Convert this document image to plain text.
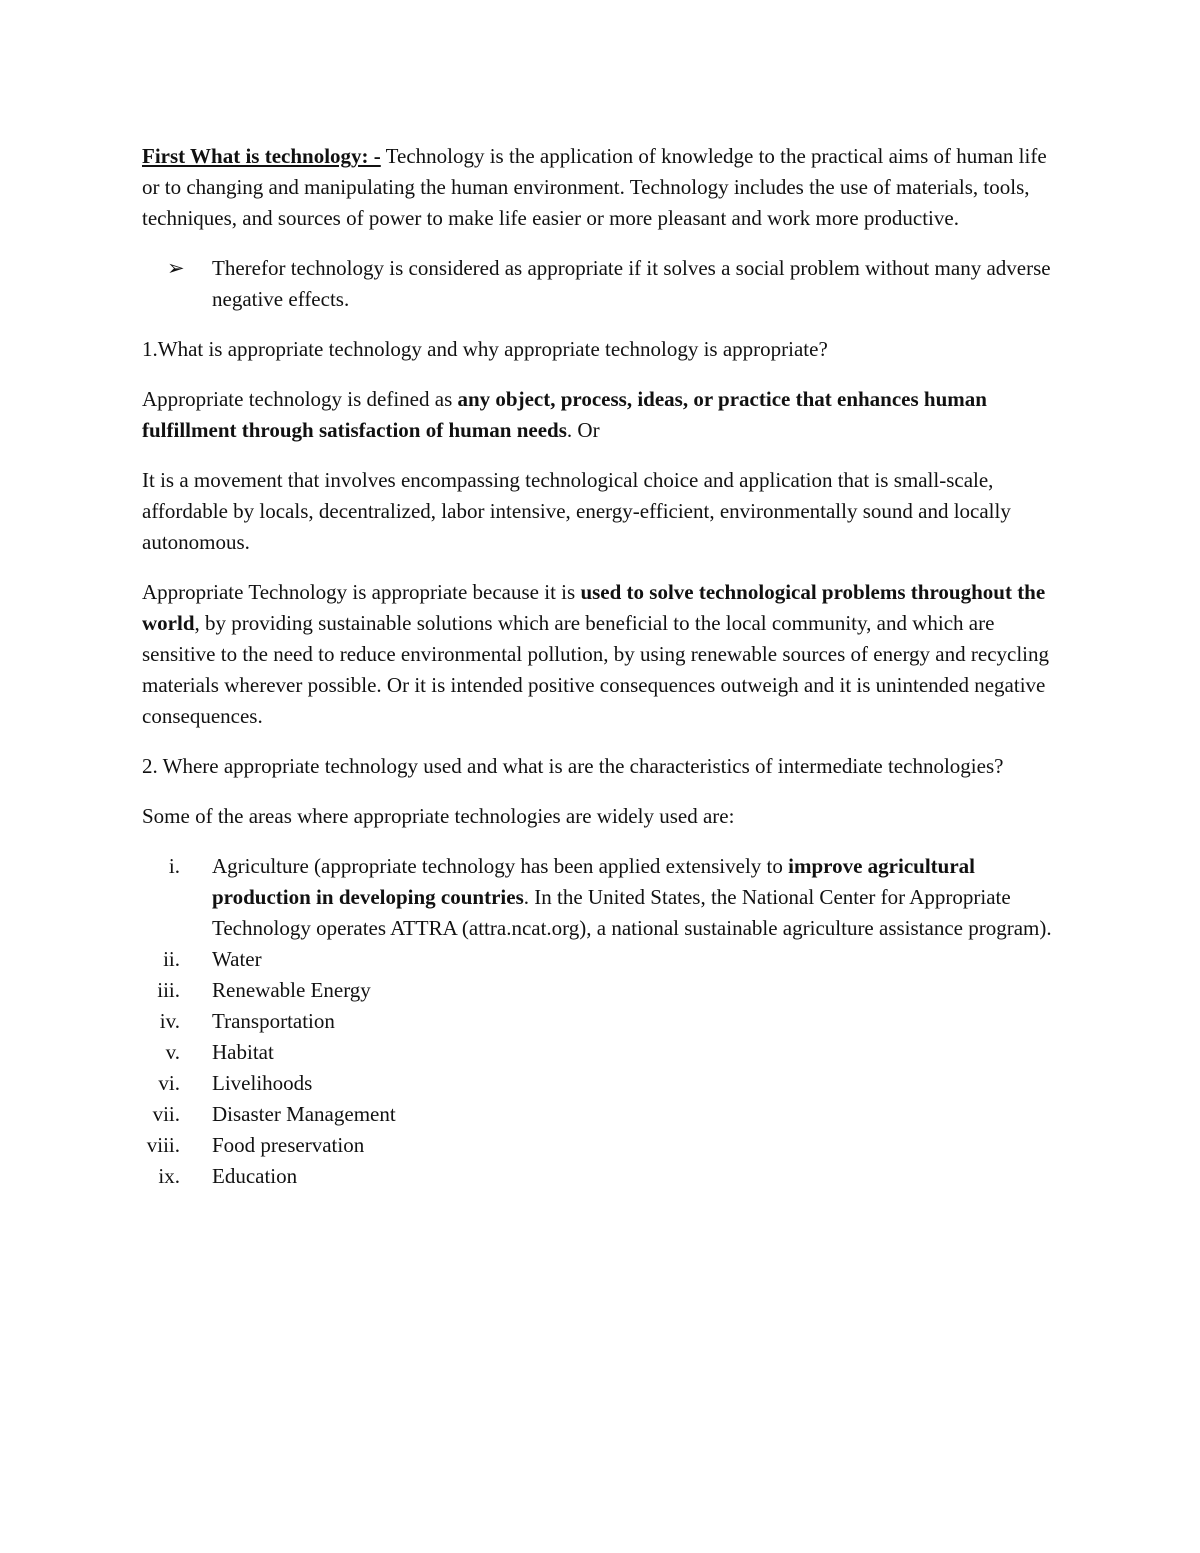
First What is technology: - Technology is the application of knowledge to the practical aims of human life or to changing and manipulating the human environment. Technology includes the use of materials, tools, techniques, and sources of power to make life easier or more pleasant and work more productive.

➢ Therefor technology is considered as appropriate if it solves a social problem without many adverse negative effects.

1.What is appropriate technology and why appropriate technology is appropriate?

Appropriate technology is defined as any object, process, ideas, or practice that enhances human fulfillment through satisfaction of human needs. Or

It is a movement that involves encompassing technological choice and application that is small-scale, affordable by locals, decentralized, labor intensive, energy-efficient, environmentally sound and locally autonomous.

Appropriate Technology is appropriate because it is used to solve technological problems throughout the world, by providing sustainable solutions which are beneficial to the local community, and which are sensitive to the need to reduce environmental pollution, by using renewable sources of energy and recycling materials wherever possible. Or it is intended positive consequences outweigh and it is unintended negative consequences.

2. Where appropriate technology used and what is are the characteristics of intermediate technologies?

Some of the areas where appropriate technologies are widely used are:

i. Agriculture (appropriate technology has been applied extensively to improve agricultural production in developing countries. In the United States, the National Center for Appropriate Technology operates ATTRA (attra.ncat.org), a national sustainable agriculture assistance program).
ii. Water
iii. Renewable Energy
iv. Transportation
v. Habitat
vi. Livelihoods
vii. Disaster Management
viii. Food preservation
ix. Education
